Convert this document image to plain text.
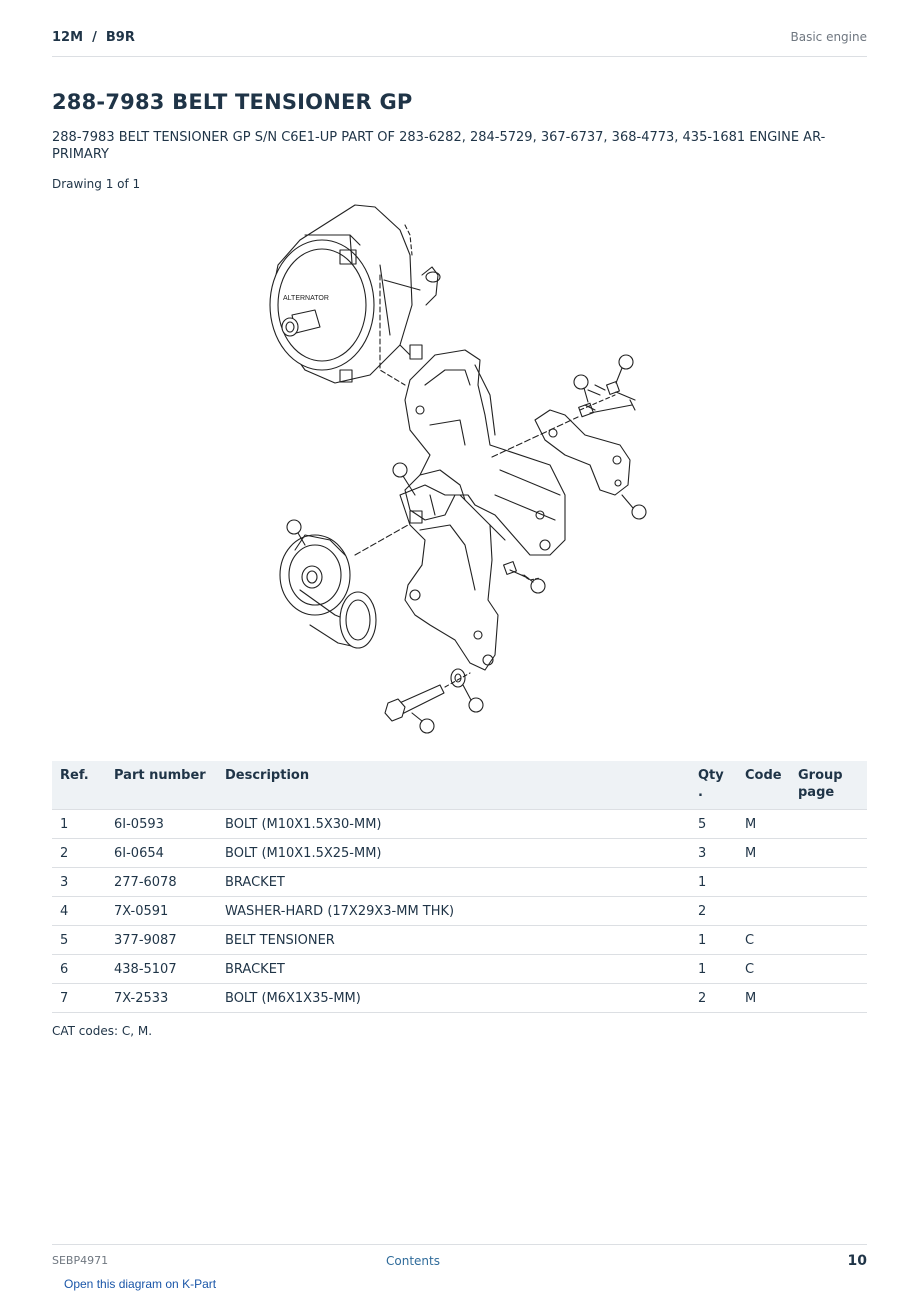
12M  /  B9R	Basic engine
288-7983 BELT TENSIONER GP
288-7983 BELT TENSIONER GP S/N C6E1-UP PART OF 283-6282, 284-5729, 367-6737, 368-4773, 435-1681 ENGINE AR-PRIMARY
Drawing 1 of 1
ALTERNATOR
Ref.	Part number	Description	Qty.	Code	Group page
1	6I-0593	BOLT (M10X1.5X30-MM)	5	M	
2	6I-0654	BOLT (M10X1.5X25-MM)	3	M	
3	277-6078	BRACKET	1		
4	7X-0591	WASHER-HARD (17X29X3-MM THK)	2		
5	377-9087	BELT TENSIONER	1	C	
6	438-5107	BRACKET	1	C	
7	7X-2533	BOLT (M6X1X35-MM)	2	M	
CAT codes: C, M.
SEBP4971	Contents	10
Open this diagram on K-Part
